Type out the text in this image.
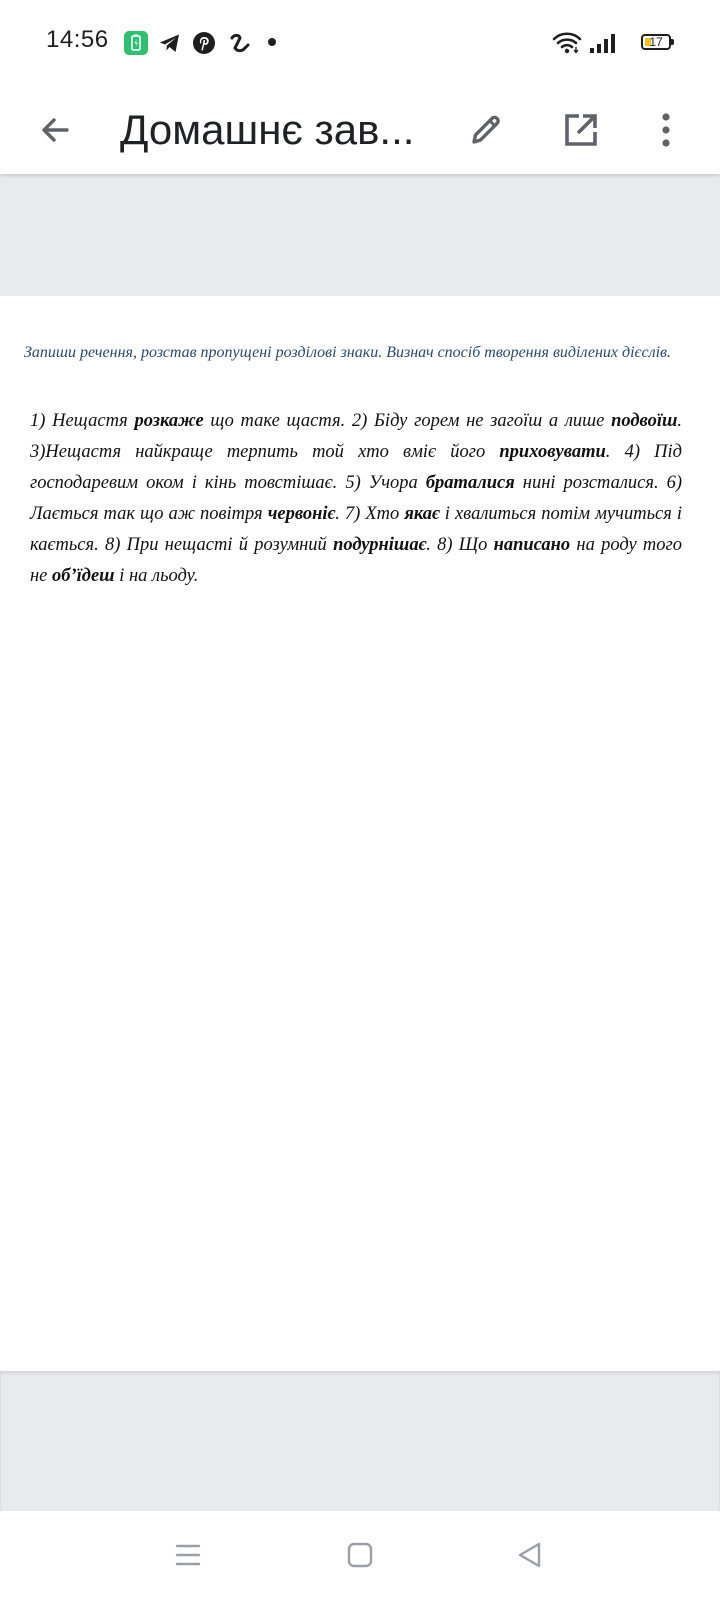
14:56	17
Домашнє зав...
Запиши речення, розстав пропущені розділові знаки. Визнач спосіб творення виділених дієслів.
1) Нещастя розкаже що таке щастя. 2) Біду горем не загоїш а лише подвоїш. 3)Нещастя найкраще терпить той хто вміє його приховувати. 4) Під господаревим оком і кінь товстішає. 5) Учора браталися нині розсталися. 6) Лається так що аж повітря червоніє. 7) Хто якає і хвалиться потім мучиться і кається. 8) При нещасті й розумний подурнішає. 8) Що написано на роду того не об’їдеш і на льоду.
